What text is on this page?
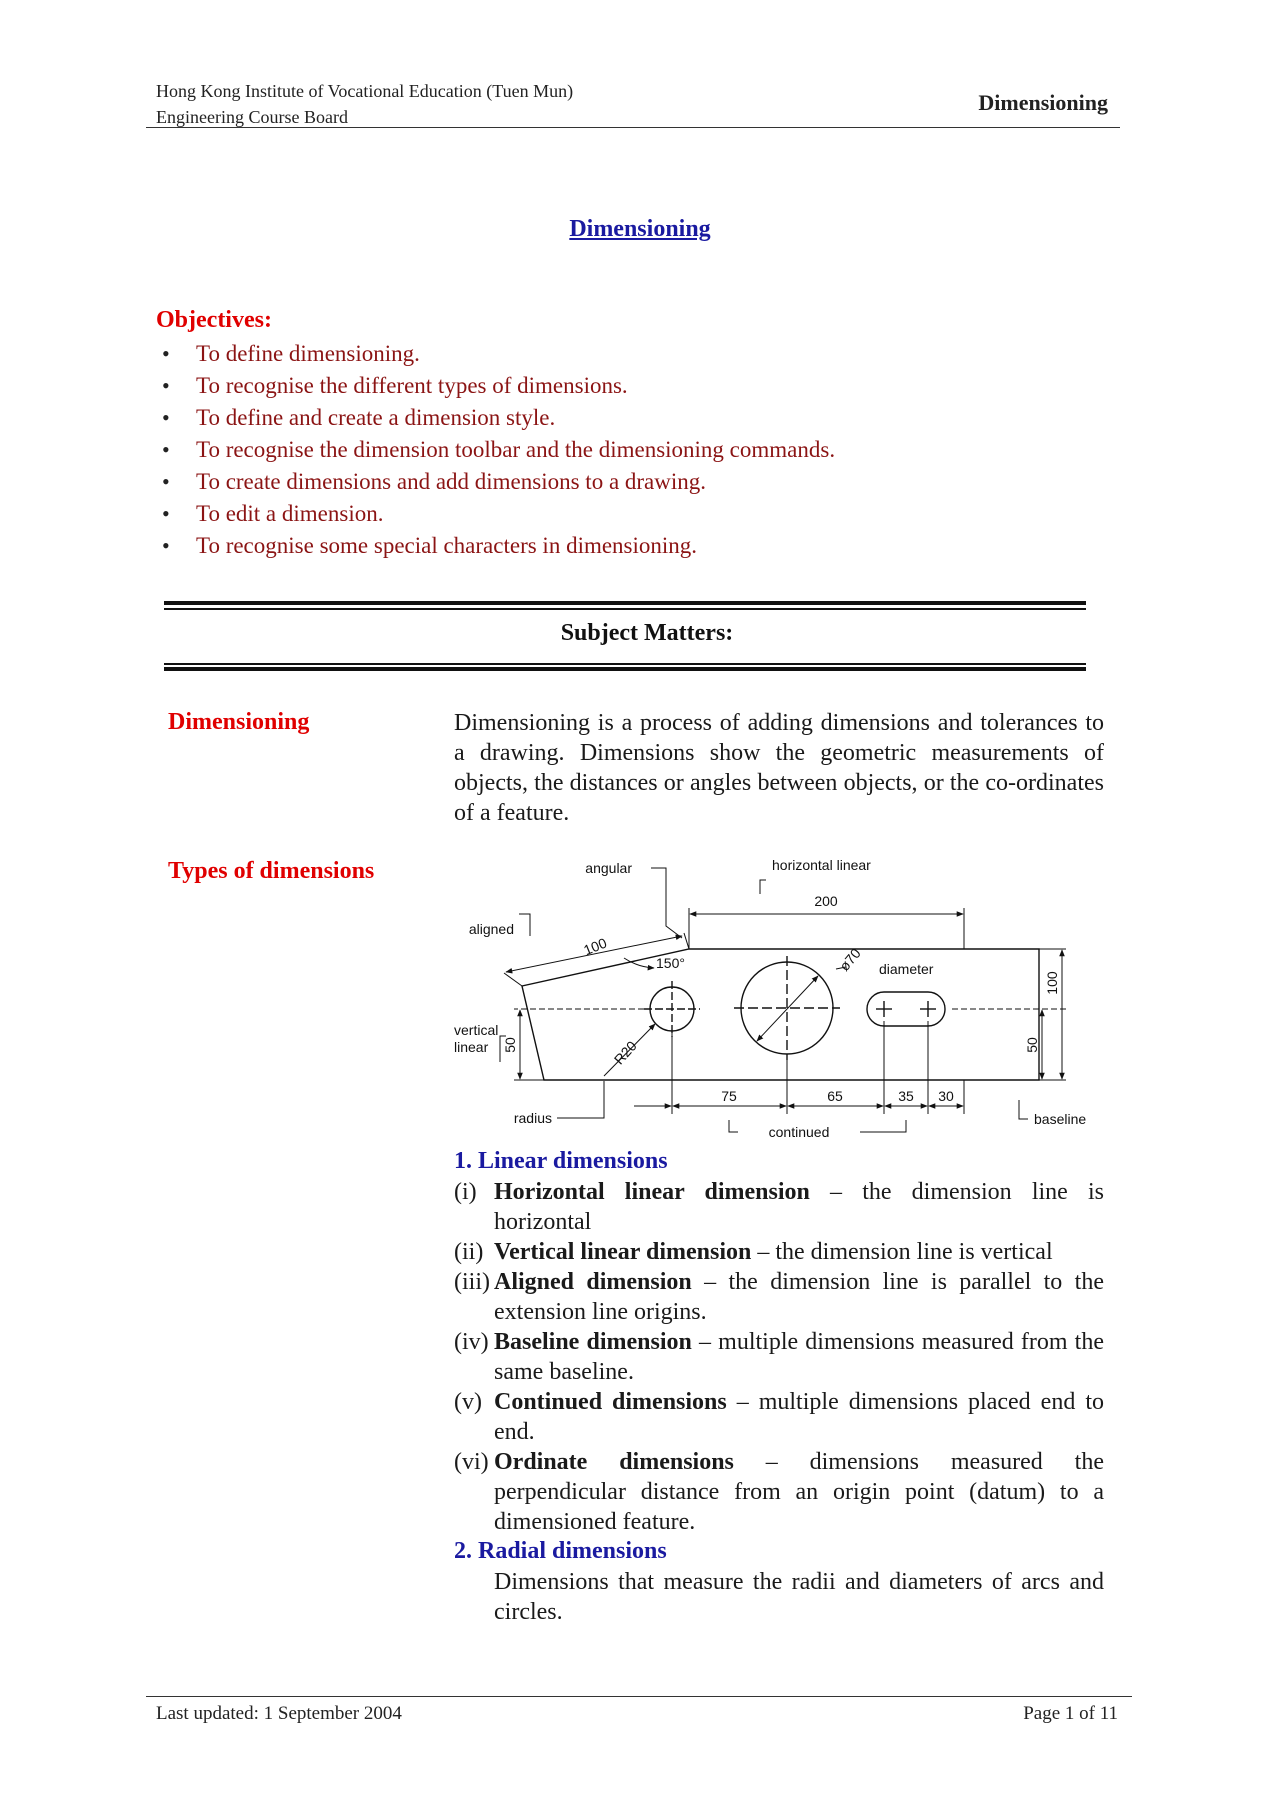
Hong Kong Institute of Vocational Education (Tuen Mun)
Engineering Course Board
Dimensioning
Dimensioning
Objectives:
• To define dimensioning.
• To recognise the different types of dimensions.
• To define and create a dimension style.
• To recognise the dimension toolbar and the dimensioning commands.
• To create dimensions and add dimensions to a drawing.
• To edit a dimension.
• To recognise some special characters in dimensioning.
Subject Matters:
Dimensioning	Dimensioning is a process of adding dimensions and tolerances to a drawing. Dimensions show the geometric measurements of objects, the distances or angles between objects, or the co-ordinates of a feature.
Types of dimensions	angular	horizontal linear
200
aligned
100
150°	ø70 diameter
vertical
linear 50	R20
100
50
radius
75	65	35 30
continued
baseline
1. Linear dimensions
(i) Horizontal linear dimension – the dimension line is horizontal
(ii) Vertical linear dimension – the dimension line is vertical
(iii) Aligned dimension – the dimension line is parallel to the extension line origins.
(iv) Baseline dimension – multiple dimensions measured from the same baseline.
(v) Continued dimensions – multiple dimensions placed end to end.
(vi) Ordinate dimensions – dimensions measured the perpendicular distance from an origin point (datum) to a dimensioned feature.
2. Radial dimensions
Dimensions that measure the radii and diameters of arcs and circles.
Last updated: 1 September 2004	Page 1 of 11
